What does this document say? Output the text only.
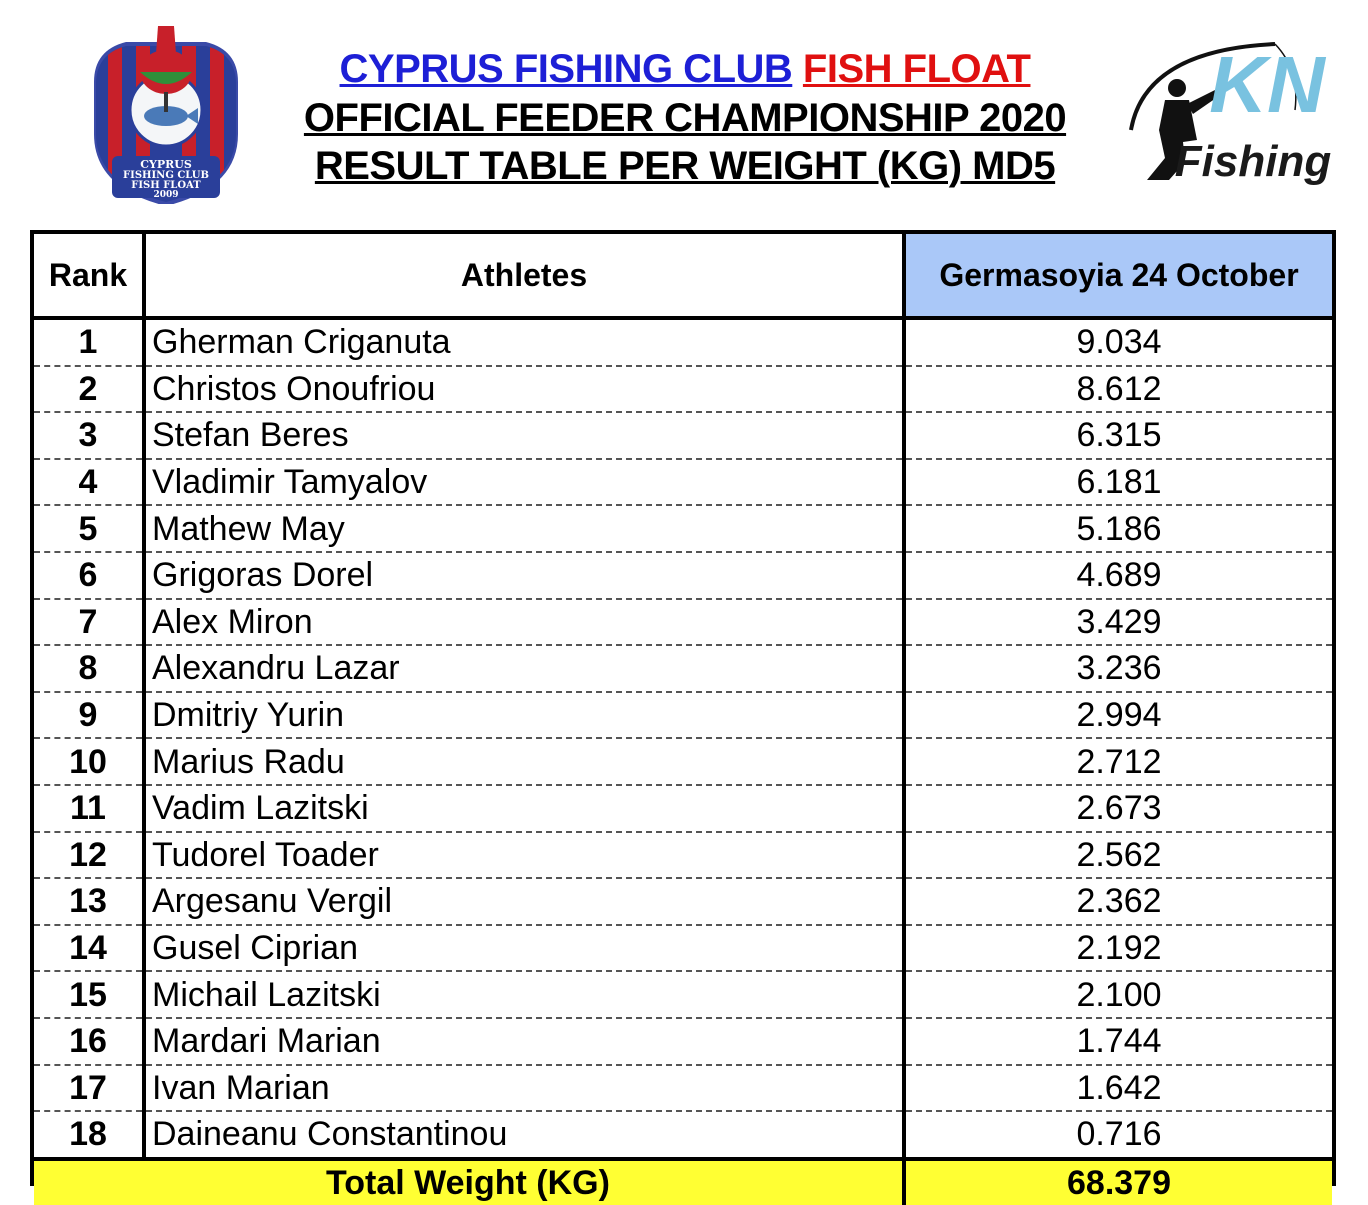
CYPRUS
FISHING CLUB
FISH FLOAT
2009
CYPRUS FISHING CLUB FISH FLOAT
OFFICIAL FEEDER CHAMPIONSHIP 2020
RESULT TABLE PER WEIGHT (KG) MD5
KN
Fishing
Rank	Athletes	Germasoyia 24 October
1	Gherman Criganuta	9.034
2	Christos Onoufriou	8.612
3	Stefan Beres	6.315
4	Vladimir Tamyalov	6.181
5	Mathew May	5.186
6	Grigoras Dorel	4.689
7	Alex Miron	3.429
8	Alexandru Lazar	3.236
9	Dmitriy Yurin	2.994
10	Marius Radu	2.712
11	Vadim Lazitski	2.673
12	Tudorel Toader	2.562
13	Argesanu Vergil	2.362
14	Gusel Ciprian	2.192
15	Michail Lazitski	2.100
16	Mardari Marian	1.744
17	Ivan Marian	1.642
18	Daineanu Constantinou	0.716
Total Weight (KG)		68.379
